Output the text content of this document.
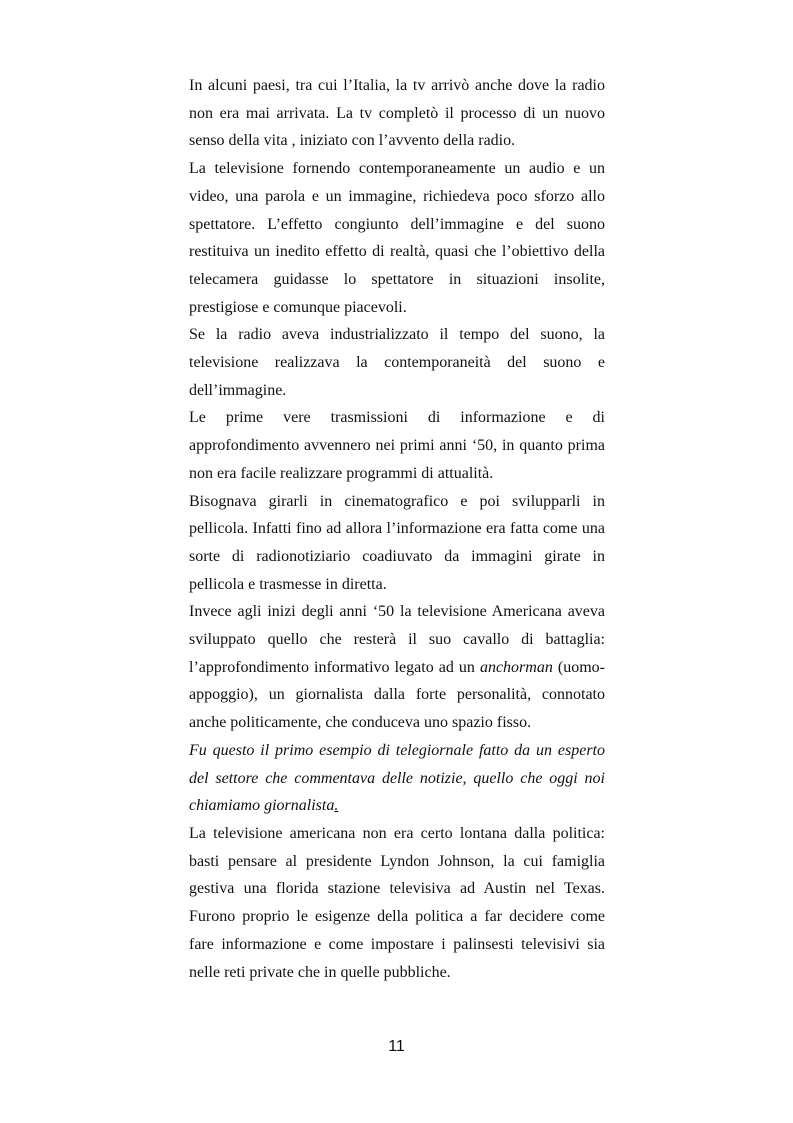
In alcuni paesi, tra cui l’Italia, la tv arrivò anche dove la radio
non era mai arrivata. La tv completò il processo di un nuovo
senso della vita , iniziato con l’avvento della radio.

La televisione fornendo contemporaneamente un audio e un
video, una parola e un immagine, richiedeva poco sforzo allo
spettatore. L’effetto congiunto dell’immagine e del suono
restituiva un inedito effetto di realtà, quasi che l’obiettivo della
telecamera guidasse lo spettatore in situazioni insolite,
prestigiose e comunque piacevoli.

Se la radio aveva industrializzato il tempo del suono, la
televisione realizzava la contemporaneità del suono e
dell’immagine.

Le prime vere trasmissioni di informazione e di
approfondimento avvennero nei primi anni ‘50, in quanto prima
non era facile realizzare programmi di attualità.

Bisognava girarli in cinematografico e poi svilupparli in
pellicola. Infatti fino ad allora l’informazione era fatta come una
sorte di radionotiziario coadiuvato da immagini girate in
pellicola e trasmesse in diretta.

Invece agli inizi degli anni ‘50 la televisione Americana aveva
sviluppato quello che resterà il suo cavallo di battaglia:
l’approfondimento informativo legato ad un anchorman (uomo-
appoggio), un giornalista dalla forte personalità, connotato
anche politicamente, che conduceva uno spazio fisso.

Fu questo il primo esempio di telegiornale fatto da un esperto
del settore che commentava delle notizie, quello che oggi noi
chiamiamo giornalista.

La televisione americana non era certo lontana dalla politica:
basti pensare al presidente Lyndon Johnson, la cui famiglia
gestiva una florida stazione televisiva ad Austin nel Texas.
Furono proprio le esigenze della politica a far decidere come
fare informazione e come impostare i palinsesti televisivi sia
nelle reti private che in quelle pubbliche.

11
